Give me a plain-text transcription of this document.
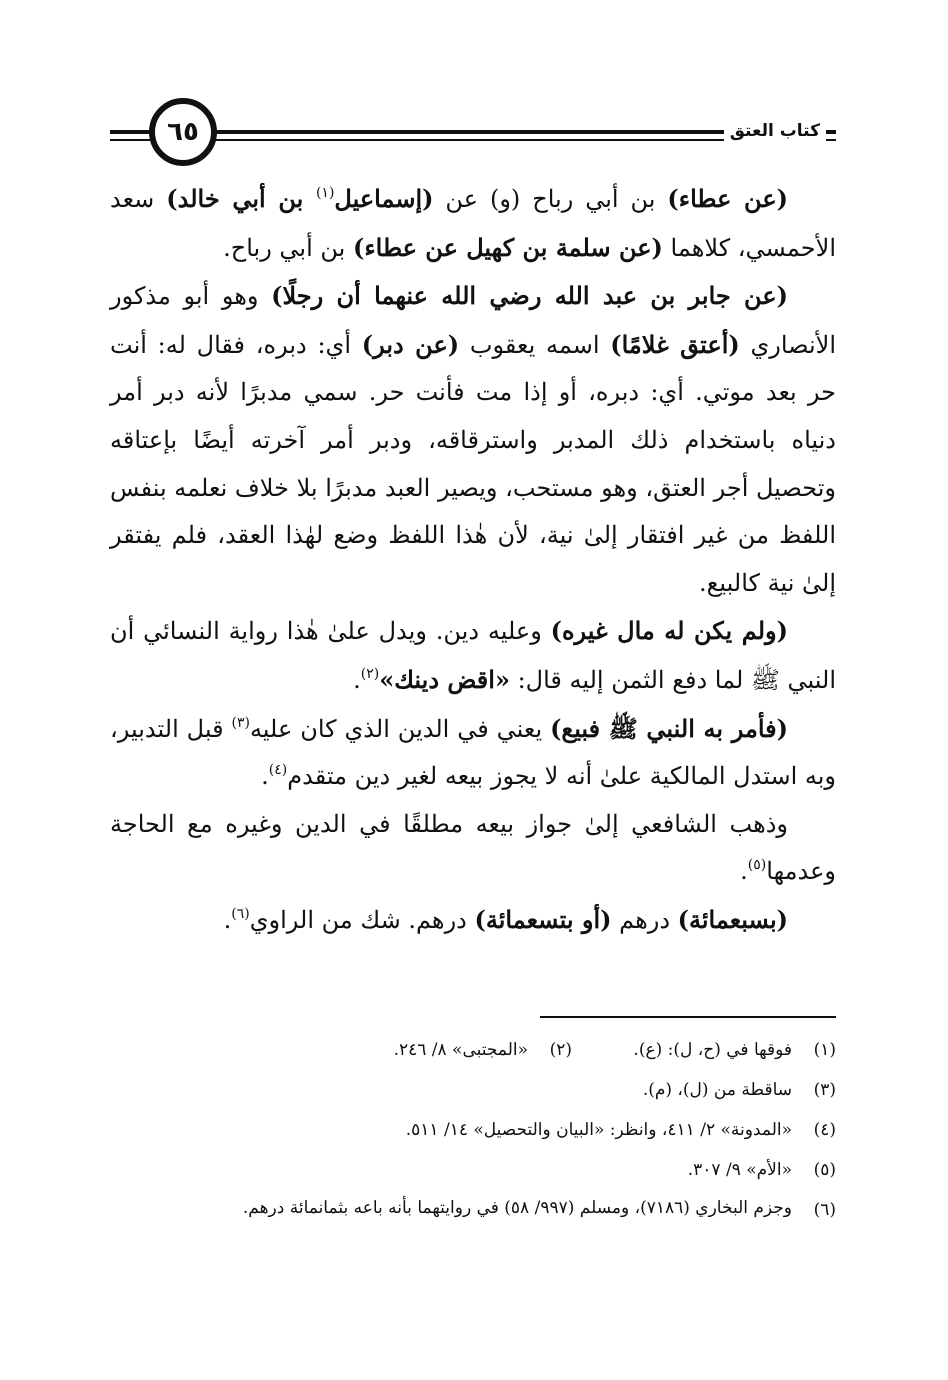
٦٥	كتاب العتق

(عن عطاء) بن أبي رباح (و) عن (إسماعيل$^{(١)}$ بن أبي خالد) سعد الأحمسي، كلاهما (عن سلمة بن كهيل عن عطاء) بن أبي رباح.

(عن جابر بن عبد الله رضي الله عنهما أن رجلًا) وهو أبو مذكور الأنصاري (أعتق غلامًا) اسمه يعقوب (عن دبر) أي: دبره، فقال له: أنت حر بعد موتي. أي: دبره، أو إذا مت فأنت حر. سمي مدبرًا لأنه دبر أمر دنياه باستخدام ذلك المدبر واسترقاقه، ودبر أمر آخرته أيضًا بإعتاقه وتحصيل أجر العتق، وهو مستحب، ويصير العبد مدبرًا بلا خلاف نعلمه بنفس اللفظ من غير افتقار إلىٰ نية، لأن هٰذا اللفظ وضع لهٰذا العقد، فلم يفتقر إلىٰ نية كالبيع.

(ولم يكن له مال غيره) وعليه دين. ويدل علىٰ هٰذا رواية النسائي أن النبي ﷺ لما دفع الثمن إليه قال: «اقض دينك»$^{(٢)}$.

(فأمر به النبي ﷺ فبيع) يعني في الدين الذي كان عليه$^{(٣)}$ قبل التدبير، وبه استدل المالكية علىٰ أنه لا يجوز بيعه لغير دين متقدم$^{(٤)}$.

وذهب الشافعي إلىٰ جواز بيعه مطلقًا في الدين وغيره مع الحاجة وعدمها$^{(٥)}$.

(بسبعمائة) درهم (أو بتسعمائة) درهم. شك من الراوي$^{(٦)}$.

(١)
فوقها في (ح، ل): (ع).
(٢)
«المجتبى» ٨/ ٢٤٦.
(٣)
ساقطة من (ل)، (م).
(٤)
«المدونة» ٢/ ٤١١، وانظر: «البيان والتحصيل» ١٤/ ٥١١.
(٥)
«الأم» ٩/ ٣٠٧.
(٦)
وجزم البخاري (٧١٨٦)، ومسلم (٩٩٧/ ٥٨) في روايتهما بأنه باعه بثمانمائة درهم.
